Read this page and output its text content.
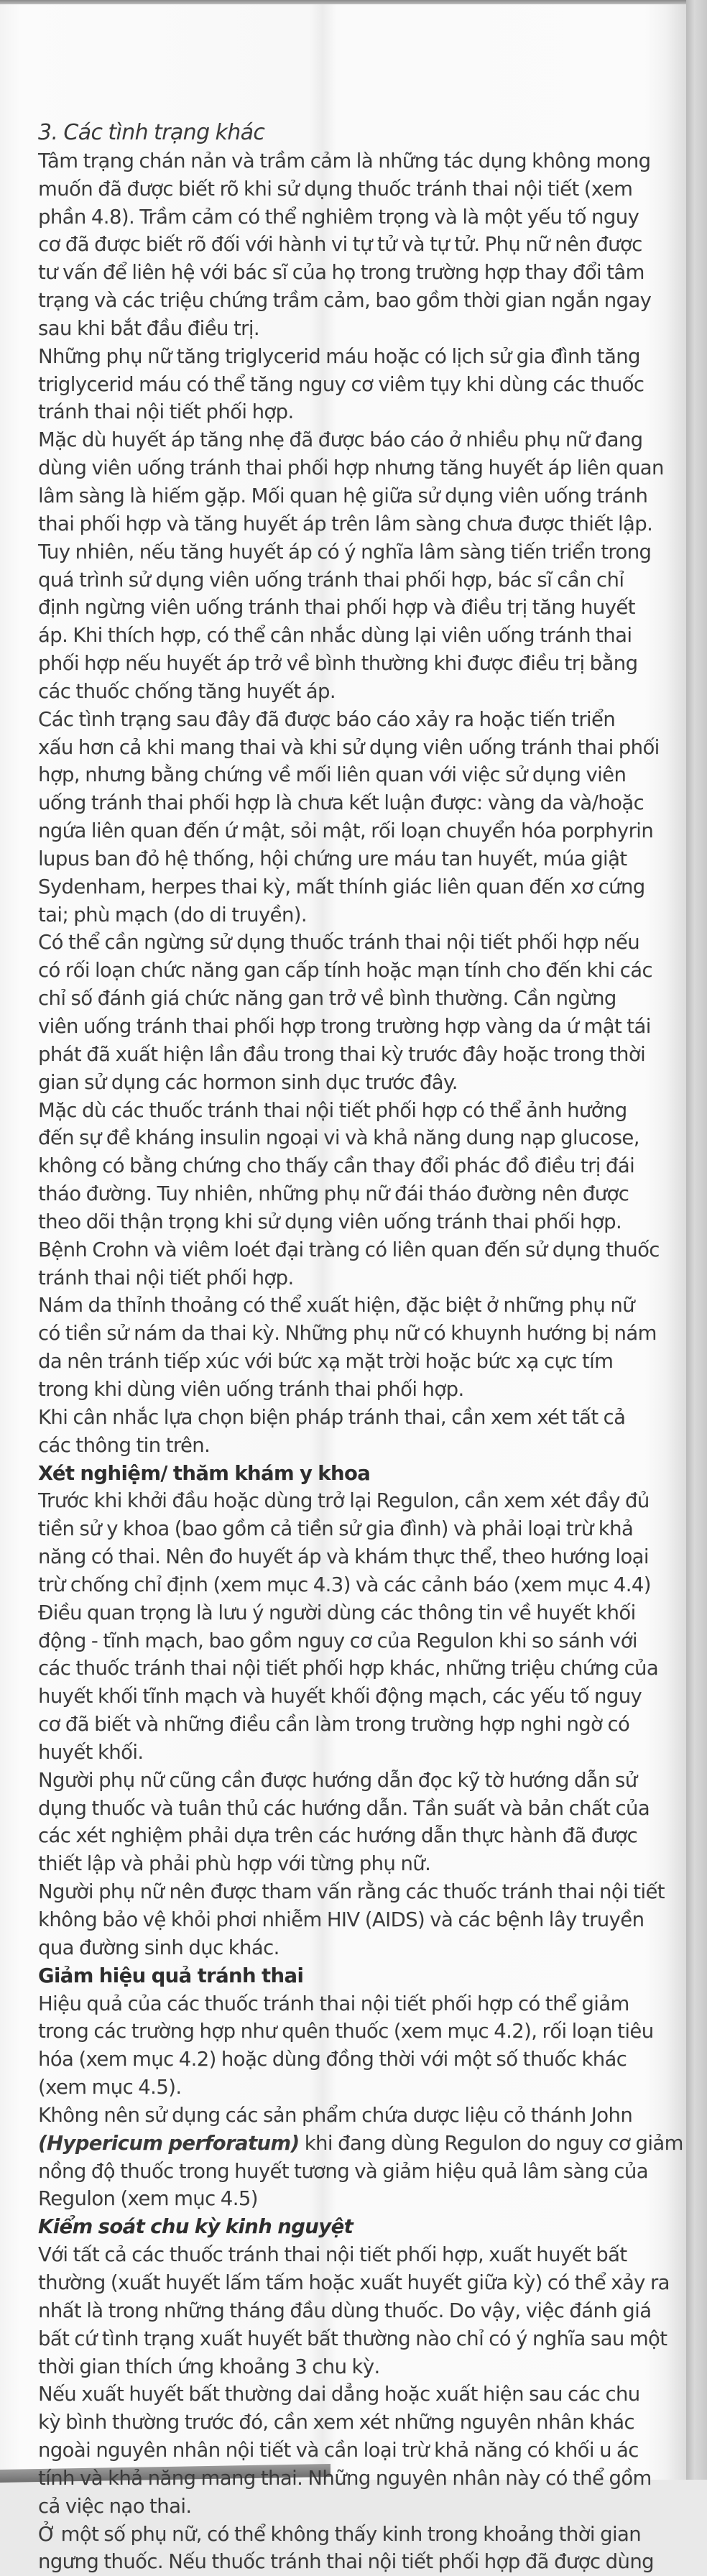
3. Các tình trạng khác
Tâm trạng chán nản và trầm cảm là những tác dụng không mong
muốn đã được biết rõ khi sử dụng thuốc tránh thai nội tiết (xem
phần 4.8). Trầm cảm có thể nghiêm trọng và là một yếu tố nguy
cơ đã được biết rõ đối với hành vi tự tử và tự tử. Phụ nữ nên được
tư vấn để liên hệ với bác sĩ của họ trong trường hợp thay đổi tâm
trạng và các triệu chứng trầm cảm, bao gồm thời gian ngắn ngay
sau khi bắt đầu điều trị.
Những phụ nữ tăng triglycerid máu hoặc có lịch sử gia đình tăng
triglycerid máu có thể tăng nguy cơ viêm tụy khi dùng các thuốc
tránh thai nội tiết phối hợp.
Mặc dù huyết áp tăng nhẹ đã được báo cáo ở nhiều phụ nữ đang
dùng viên uống tránh thai phối hợp nhưng tăng huyết áp liên quan
lâm sàng là hiếm gặp. Mối quan hệ giữa sử dụng viên uống tránh
thai phối hợp và tăng huyết áp trên lâm sàng chưa được thiết lập.
Tuy nhiên, nếu tăng huyết áp có ý nghĩa lâm sàng tiến triển trong
quá trình sử dụng viên uống tránh thai phối hợp, bác sĩ cần chỉ
định ngừng viên uống tránh thai phối hợp và điều trị tăng huyết
áp. Khi thích hợp, có thể cân nhắc dùng lại viên uống tránh thai
phối hợp nếu huyết áp trở về bình thường khi được điều trị bằng
các thuốc chống tăng huyết áp.
Các tình trạng sau đây đã được báo cáo xảy ra hoặc tiến triển
xấu hơn cả khi mang thai và khi sử dụng viên uống tránh thai phối
hợp, nhưng bằng chứng về mối liên quan với việc sử dụng viên
uống tránh thai phối hợp là chưa kết luận được: vàng da và/hoặc
ngứa liên quan đến ứ mật, sỏi mật, rối loạn chuyển hóa porphyrin
lupus ban đỏ hệ thống, hội chứng ure máu tan huyết, múa giật
Sydenham, herpes thai kỳ, mất thính giác liên quan đến xơ cứng
tai; phù mạch (do di truyền).
Có thể cần ngừng sử dụng thuốc tránh thai nội tiết phối hợp nếu
có rối loạn chức năng gan cấp tính hoặc mạn tính cho đến khi các
chỉ số đánh giá chức năng gan trở về bình thường. Cần ngừng
viên uống tránh thai phối hợp trong trường hợp vàng da ứ mật tái
phát đã xuất hiện lần đầu trong thai kỳ trước đây hoặc trong thời
gian sử dụng các hormon sinh dục trước đây.
Mặc dù các thuốc tránh thai nội tiết phối hợp có thể ảnh hưởng
đến sự đề kháng insulin ngoại vi và khả năng dung nạp glucose,
không có bằng chứng cho thấy cần thay đổi phác đồ điều trị đái
tháo đường. Tuy nhiên, những phụ nữ đái tháo đường nên được
theo dõi thận trọng khi sử dụng viên uống tránh thai phối hợp.
Bệnh Crohn và viêm loét đại tràng có liên quan đến sử dụng thuốc
tránh thai nội tiết phối hợp.
Nám da thỉnh thoảng có thể xuất hiện, đặc biệt ở những phụ nữ
có tiền sử nám da thai kỳ. Những phụ nữ có khuynh hướng bị nám
da nên tránh tiếp xúc với bức xạ mặt trời hoặc bức xạ cực tím
trong khi dùng viên uống tránh thai phối hợp.
Khi cân nhắc lựa chọn biện pháp tránh thai, cần xem xét tất cả
các thông tin trên.
Xét nghiệm/ thăm khám y khoa
Trước khi khởi đầu hoặc dùng trở lại Regulon, cần xem xét đầy đủ
tiền sử y khoa (bao gồm cả tiền sử gia đình) và phải loại trừ khả
năng có thai. Nên đo huyết áp và khám thực thể, theo hướng loại
trừ chống chỉ định (xem mục 4.3) và các cảnh báo (xem mục 4.4)
Điều quan trọng là lưu ý người dùng các thông tin về huyết khối
động - tĩnh mạch, bao gồm nguy cơ của Regulon khi so sánh với
các thuốc tránh thai nội tiết phối hợp khác, những triệu chứng của
huyết khối tĩnh mạch và huyết khối động mạch, các yếu tố nguy
cơ đã biết và những điều cần làm trong trường hợp nghi ngờ có
huyết khối.
Người phụ nữ cũng cần được hướng dẫn đọc kỹ tờ hướng dẫn sử
dụng thuốc và tuân thủ các hướng dẫn. Tần suất và bản chất của
các xét nghiệm phải dựa trên các hướng dẫn thực hành đã được
thiết lập và phải phù hợp với từng phụ nữ.
Người phụ nữ nên được tham vấn rằng các thuốc tránh thai nội tiết
không bảo vệ khỏi phơi nhiễm HIV (AIDS) và các bệnh lây truyền
qua đường sinh dục khác.
Giảm hiệu quả tránh thai
Hiệu quả của các thuốc tránh thai nội tiết phối hợp có thể giảm
trong các trường hợp như quên thuốc (xem mục 4.2), rối loạn tiêu
hóa (xem mục 4.2) hoặc dùng đồng thời với một số thuốc khác
(xem mục 4.5).
Không nên sử dụng các sản phẩm chứa dược liệu cỏ thánh John
(Hypericum perforatum) khi đang dùng Regulon do nguy cơ giảm
nồng độ thuốc trong huyết tương và giảm hiệu quả lâm sàng của
Regulon (xem mục 4.5)
Kiểm soát chu kỳ kinh nguyệt
Với tất cả các thuốc tránh thai nội tiết phối hợp, xuất huyết bất
thường (xuất huyết lấm tấm hoặc xuất huyết giữa kỳ) có thể xảy ra
nhất là trong những tháng đầu dùng thuốc. Do vậy, việc đánh giá
bất cứ tình trạng xuất huyết bất thường nào chỉ có ý nghĩa sau một
thời gian thích ứng khoảng 3 chu kỳ.
Nếu xuất huyết bất thường dai dẳng hoặc xuất hiện sau các chu
kỳ bình thường trước đó, cần xem xét những nguyên nhân khác
ngoài nguyên nhân nội tiết và cần loại trừ khả năng có khối u ác
tính và khả năng mang thai. Những nguyên nhân này có thể gồm
cả việc nạo thai.
Ở một số phụ nữ, có thể không thấy kinh trong khoảng thời gian
ngưng thuốc. Nếu thuốc tránh thai nội tiết phối hợp đã được dùng
